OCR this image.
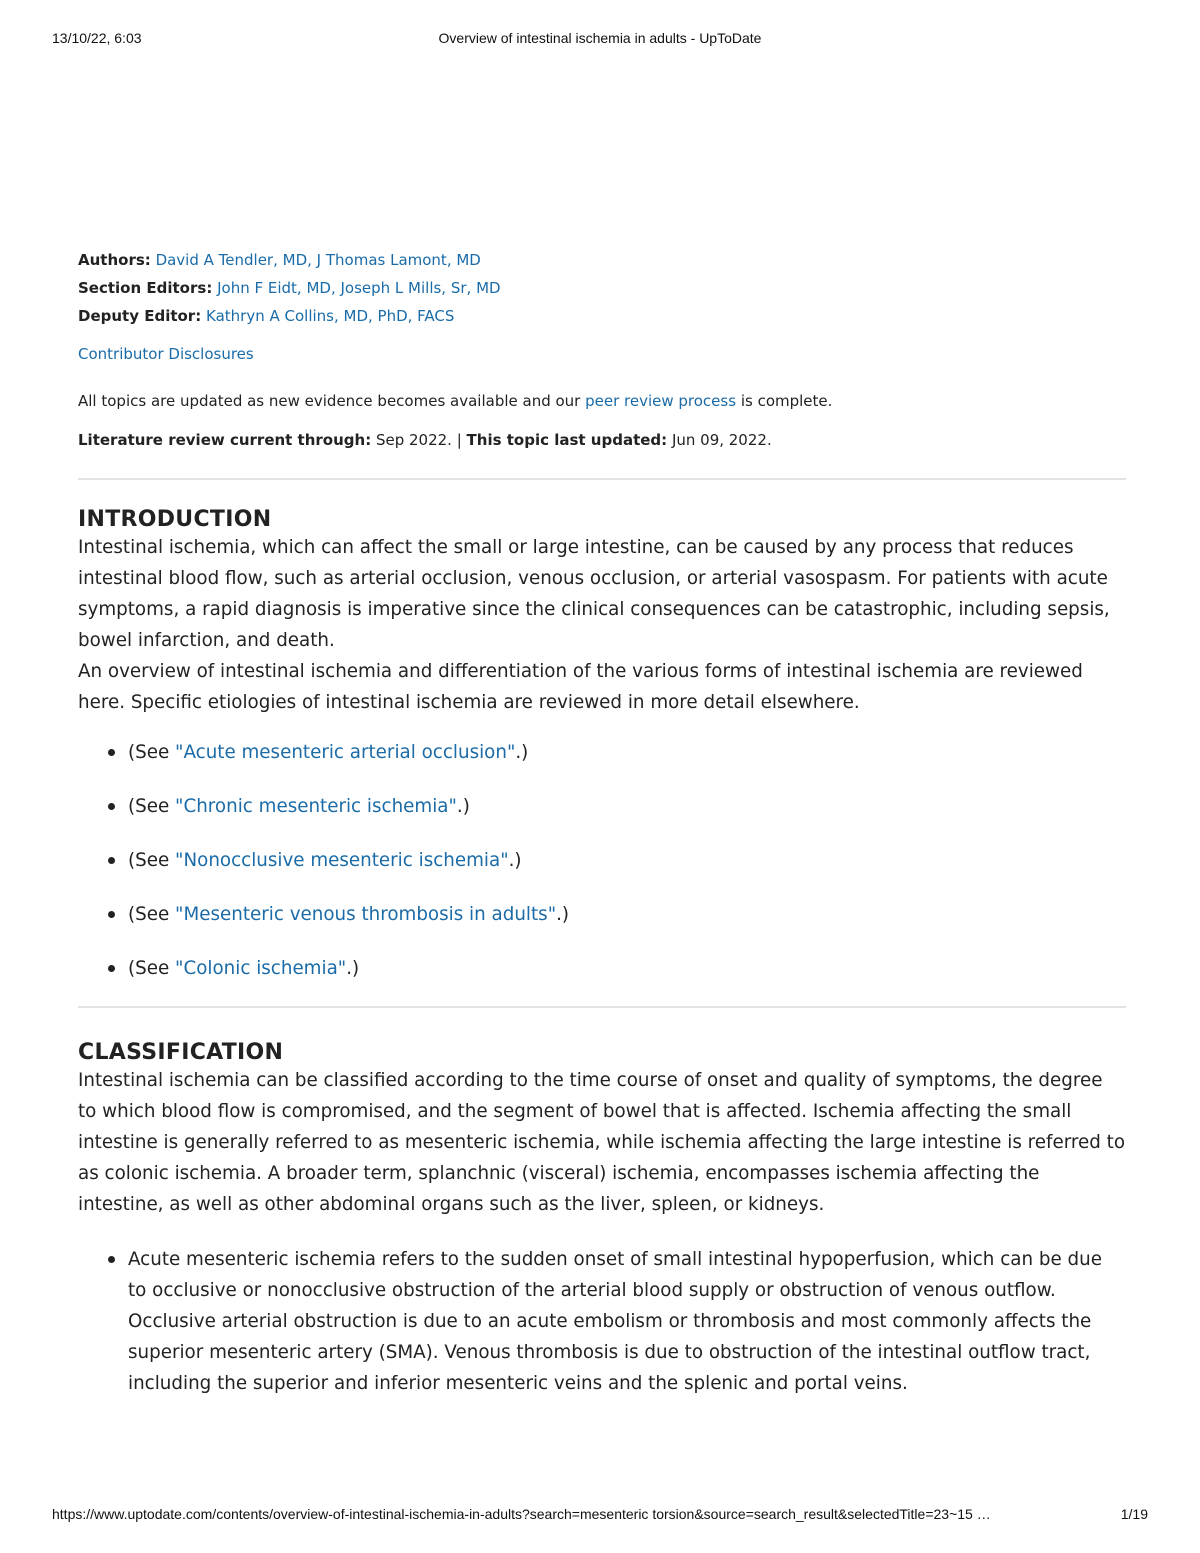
13/10/22, 6:03	Overview of intestinal ischemia in adults - UpToDate
Authors: David A Tendler, MD, J Thomas Lamont, MD
Section Editors: John F Eidt, MD, Joseph L Mills, Sr, MD
Deputy Editor: Kathryn A Collins, MD, PhD, FACS
Contributor Disclosures
All topics are updated as new evidence becomes available and our peer review process is complete.
Literature review current through: Sep 2022. | This topic last updated: Jun 09, 2022.
INTRODUCTION

Intestinal ischemia, which can affect the small or large intestine, can be caused by any process that reduces intestinal blood flow, such as arterial occlusion, venous occlusion, or arterial vasospasm. For patients with acute symptoms, a rapid diagnosis is imperative since the clinical consequences can be catastrophic, including sepsis, bowel infarction, and death.

An overview of intestinal ischemia and differentiation of the various forms of intestinal ischemia are reviewed here. Specific etiologies of intestinal ischemia are reviewed in more detail elsewhere.

(See "Acute mesenteric arterial occlusion".)
(See "Chronic mesenteric ischemia".)
(See "Nonocclusive mesenteric ischemia".)
(See "Mesenteric venous thrombosis in adults".)
(See "Colonic ischemia".)
CLASSIFICATION

Intestinal ischemia can be classified according to the time course of onset and quality of symptoms, the degree to which blood flow is compromised, and the segment of bowel that is affected. Ischemia affecting the small intestine is generally referred to as mesenteric ischemia, while ischemia affecting the large intestine is referred to as colonic ischemia. A broader term, splanchnic (visceral) ischemia, encompasses ischemia affecting the intestine, as well as other abdominal organs such as the liver, spleen, or kidneys.

Acute mesenteric ischemia refers to the sudden onset of small intestinal hypoperfusion, which can be due to occlusive or nonocclusive obstruction of the arterial blood supply or obstruction of venous outflow. Occlusive arterial obstruction is due to an acute embolism or thrombosis and most commonly affects the superior mesenteric artery (SMA). Venous thrombosis is due to obstruction of the intestinal outflow tract, including the superior and inferior mesenteric veins and the splenic and portal veins.
https://www.uptodate.com/contents/overview-of-intestinal-ischemia-in-adults?search=mesenteric torsion&source=search_result&selectedTitle=23~15 …	1/19
